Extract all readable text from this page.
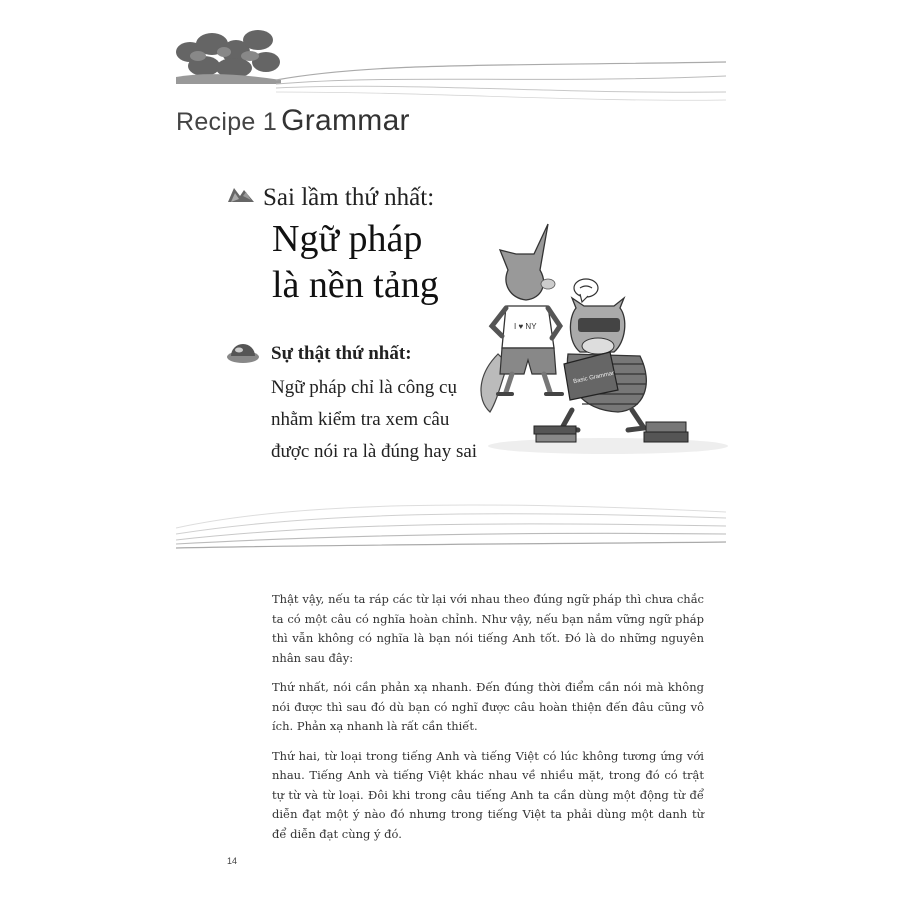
Recipe 1 Grammar
Sai lầm thứ nhất:
Ngữ pháp
là nền tảng
Sự thật thứ nhất:
Ngữ pháp chỉ là công cụ
nhằm kiểm tra xem câu
được nói ra là đúng hay sai
I ♥ NY
Basic Grammar

Thật vậy, nếu ta ráp các từ lại với nhau theo đúng ngữ pháp thì chưa chắc ta có một câu có nghĩa hoàn chỉnh. Như vậy, nếu bạn nắm vững ngữ pháp thì vẫn không có nghĩa là bạn nói tiếng Anh tốt. Đó là do những nguyên nhân sau đây:

Thứ nhất, nói cần phản xạ nhanh. Đến đúng thời điểm cần nói mà không nói được thì sau đó dù bạn có nghĩ được câu hoàn thiện đến đâu cũng vô ích. Phản xạ nhanh là rất cần thiết.

Thứ hai, từ loại trong tiếng Anh và tiếng Việt có lúc không tương ứng với nhau. Tiếng Anh và tiếng Việt khác nhau về nhiều mặt, trong đó có trật tự từ và từ loại. Đôi khi trong câu tiếng Anh ta cần dùng một động từ để diễn đạt một ý nào đó nhưng trong tiếng Việt ta phải dùng một danh từ để diễn đạt cùng ý đó.

14
